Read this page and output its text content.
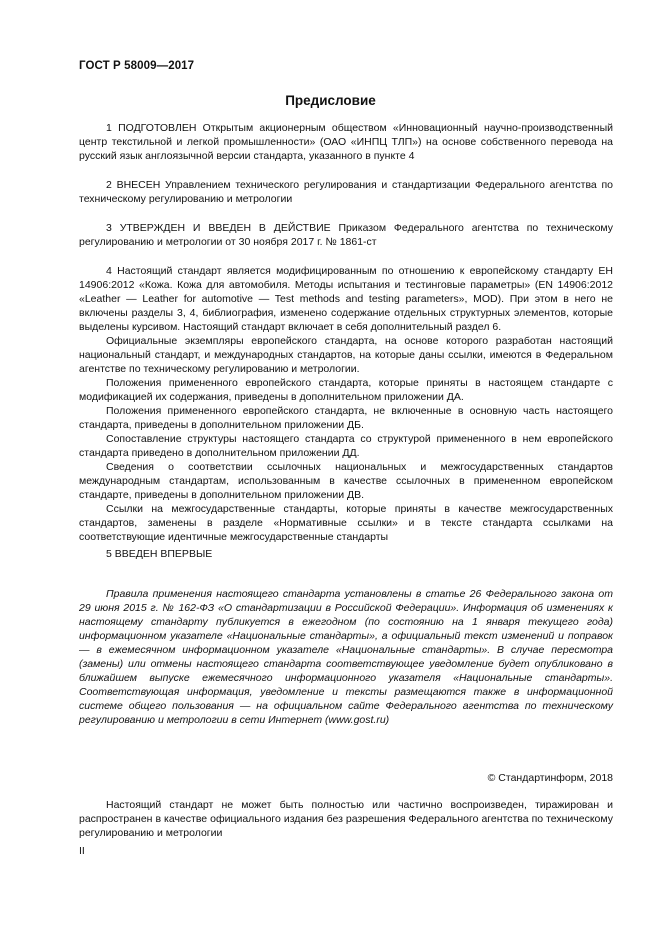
ГОСТ Р 58009—2017
Предисловие

1 ПОДГОТОВЛЕН Открытым акционерным обществом «Инновационный научно-производственный центр текстильной и легкой промышленности» (ОАО «ИНПЦ ТЛП») на основе собственного перевода на русский язык англоязычной версии стандарта, указанного в пункте 4

2 ВНЕСЕН Управлением технического регулирования и стандартизации Федерального агентства по техническому регулированию и метрологии

3 УТВЕРЖДЕН И ВВЕДЕН В ДЕЙСТВИЕ Приказом Федерального агентства по техническому регулированию и метрологии от 30 ноября 2017 г. № 1861-ст

4 Настоящий стандарт является модифицированным по отношению к европейскому стандарту ЕН 14906:2012 «Кожа. Кожа для автомобиля. Методы испытания и тестинговые параметры» (EN 14906:2012 «Leather — Leather for automotive — Test methods and testing parameters», MOD). При этом в него не включены разделы 3, 4, библиография, изменено содержание отдельных структурных элементов, которые выделены курсивом. Настоящий стандарт включает в себя дополнительный раздел 6.

Официальные экземпляры европейского стандарта, на основе которого разработан настоящий национальный стандарт, и международных стандартов, на которые даны ссылки, имеются в Федеральном агентстве по техническому регулированию и метрологии.

Положения примененного европейского стандарта, которые приняты в настоящем стандарте с модификацией их содержания, приведены в дополнительном приложении ДА.

Положения примененного европейского стандарта, не включенные в основную часть настоящего стандарта, приведены в дополнительном приложении ДБ.

Сопоставление структуры настоящего стандарта со структурой примененного в нем европейского стандарта приведено в дополнительном приложении ДД.

Сведения о соответствии ссылочных национальных и межгосударственных стандартов международным стандартам, использованным в качестве ссылочных в примененном европейском стандарте, приведены в дополнительном приложении ДВ.

Ссылки на межгосударственные стандарты, которые приняты в качестве межгосударственных стандартов, заменены в разделе «Нормативные ссылки» и в тексте стандарта ссылками на соответствующие идентичные межгосударственные стандарты

5 ВВЕДЕН ВПЕРВЫЕ

Правила применения настоящего стандарта установлены в статье 26 Федерального закона от 29 июня 2015 г. № 162-ФЗ «О стандартизации в Российской Федерации». Информация об изменениях к настоящему стандарту публикуется в ежегодном (по состоянию на 1 января текущего года) информационном указателе «Национальные стандарты», а официальный текст изменений и поправок — в ежемесячном информационном указателе «Национальные стандарты». В случае пересмотра (замены) или отмены настоящего стандарта соответствующее уведомление будет опубликовано в ближайшем выпуске ежемесячного информационного указателя «Национальные стандарты». Соответствующая информация, уведомление и тексты размещаются также в информационной системе общего пользования — на официальном сайте Федерального агентства по техническому регулированию и метрологии в сети Интернет (www.gost.ru)

© Стандартинформ, 2018

Настоящий стандарт не может быть полностью или частично воспроизведен, тиражирован и распространен в качестве официального издания без разрешения Федерального агентства по техническому регулированию и метрологии

II
